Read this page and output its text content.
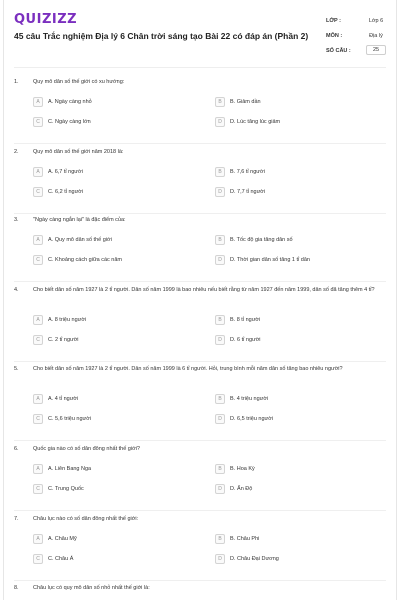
QUIZIZZ
45 câu Trắc nghiệm Địa lý 6 Chân trời sáng tạo Bài 22 có đáp án (Phần 2)
LỚP :	Lớp 6
MÔN :	Địa lý
SỐ CÂU :	25
1.	Quy mô dân số thế giới có xu hướng:
A	A. Ngày càng nhỏ	B	B. Giảm dần
C	C. Ngày càng lớn	D	D. Lúc tăng lúc giảm
2.	Quy mô dân số thế giới năm 2018 là:
A	A. 6,7 tỉ người	B	B. 7,6 tỉ người
C	C. 6,2 tỉ người	D	D. 7,7 tỉ người
3.	"Ngày càng ngắn lại" là đặc điểm của:
A	A. Quy mô dân số thế giới	B	B. Tốc độ gia tăng dân số
C	C. Khoảng cách giữa các năm	D	D. Thời gian dân số tăng 1 tỉ dân
4.	Cho biết dân số năm 1927 là 2 tỉ người. Dân số năm 1999 là bao nhiêu nếu biết rằng từ năm 1927 đến năm 1999, dân số đã tăng thêm 4 tỉ?
A	A. 8 triệu người	B	B. 8 tỉ người
C	C. 2 tỉ người	D	D. 6 tỉ người
5.	Cho biết dân số năm 1927 là 2 tỉ người. Dân số năm 1999 là 6 tỉ người. Hỏi, trung bình mỗi năm dân số tăng bao nhiêu người?
A	A. 4 tỉ người	B	B. 4 triệu người
C	C. 5,6 triệu người	D	D. 6,5 triệu người
6.	Quốc gia nào có số dân đông nhất thế giới?
A	A. Liên Bang Nga	B	B. Hoa Kỳ
C	C. Trung Quốc	D	D. Ấn Độ
7.	Châu lục nào có số dân đông nhất thế giới:
A	A. Châu Mỹ	B	B. Châu Phi
C	C. Châu Á	D	D. Châu Đại Dương
8.	Châu lục có quy mô dân số nhỏ nhất thế giới là:
